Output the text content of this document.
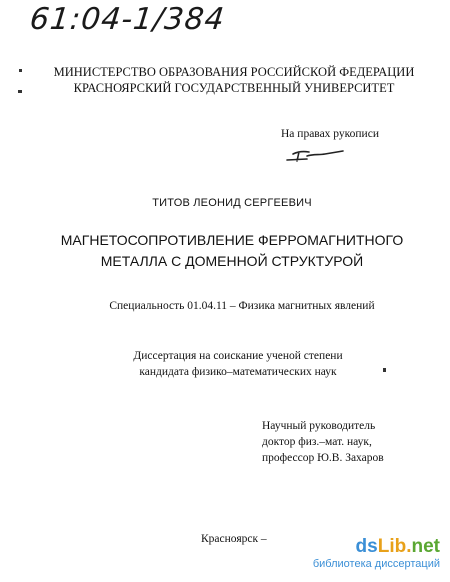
61:04-1/384
МИНИСТЕРСТВО ОБРАЗОВАНИЯ РОССИЙСКОЙ ФЕДЕРАЦИИ
КРАСНОЯРСКИЙ ГОСУДАРСТВЕННЫЙ УНИВЕРСИТЕТ
На правах рукописи
ТИТОВ ЛЕОНИД СЕРГЕЕВИЧ
МАГНЕТОСОПРОТИВЛЕНИЕ ФЕРРОМАГНИТНОГО
МЕТАЛЛА С ДОМЕННОЙ СТРУКТУРОЙ
Специальность 01.04.11 – Физика магнитных явлений
Диссертация на соискание ученой степени
кандидата физико–математических наук
Научный руководитель
доктор физ.–мат. наук,
профессор Ю.В. Захаров
Красноярск –	dsLib.net
библиотека диссертаций
